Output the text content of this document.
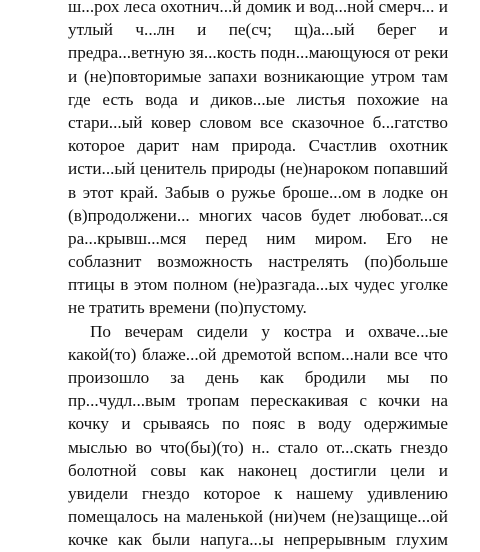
ш...рох леса охотнич...й домик и вод...ной смерч... и
утлый ч...лн и пе(сч; щ)а...ый берег и
предра...ветную зя...кость подн...мающуюся от реки
и (не)повторимые запахи возникающие утром там
где есть вода и диков...ые листья похожие на
стари...ый ковер словом все сказочное б...гатство
которое дарит нам природа. Счастлив охотник
исти...ый ценитель природы (не)нароком попавший
в этот край. Забыв о ружье броше...ом в лодке он
(в)продолжени... многих часов будет любоват...ся
ра...крывш...мся перед ним миром. Его не
соблазнит возможность настрелять (по)больше
птицы в этом полном (не)разгада...ых чудес уголке
не тратить времени (по)пустому.
По вечерам сидели у костра и охваче...ые
какой(то) блаже...ой дремотой вспом...нали все что
произошло за день как бродили мы по
пр...чудл...вым тропам перескакивая с кочки на
кочку и срываясь по пояс в воду одержимые
мыслью во что(бы)(то) н.. стало от...скать гнездо
болотной совы как наконец достигли цели и
увидели гнездо которое к нашему удивлению
помещалось на маленькой (ни)чем (не)защище...ой
кочке как были напуга...ы непрерывным глухим
